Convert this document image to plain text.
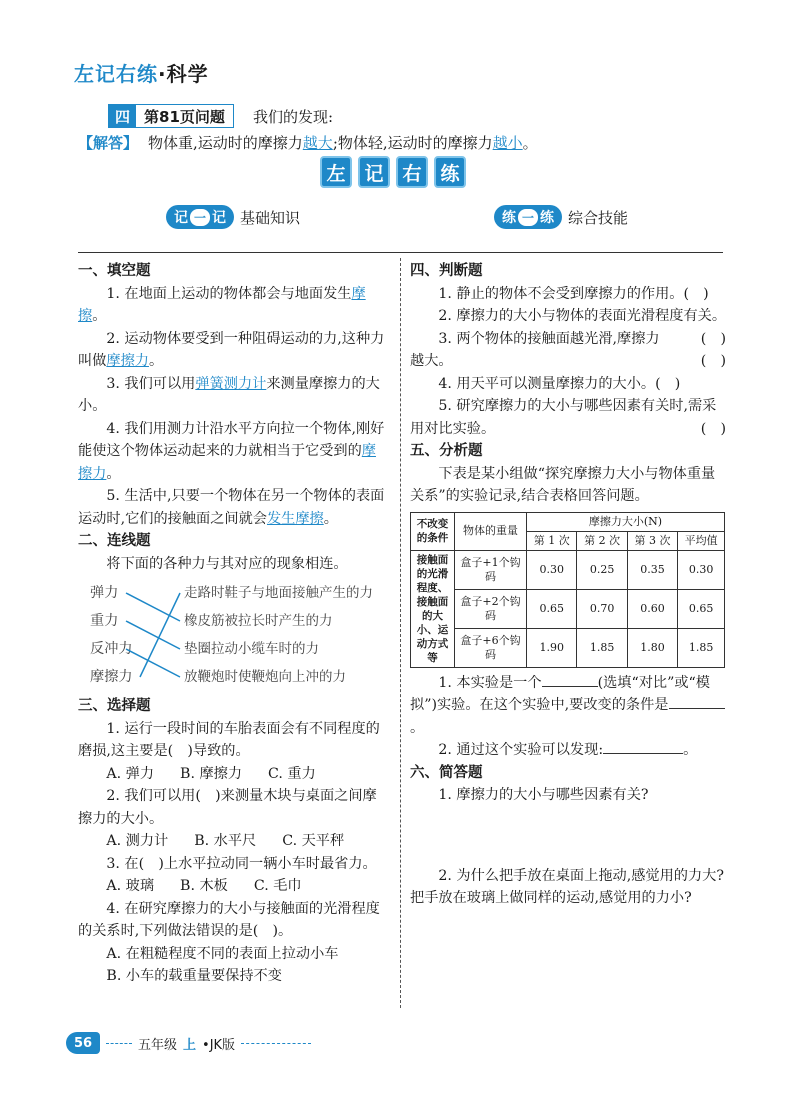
左记右练·科学
四 第81页问题	我们的发现:
【解答】 物体重,运动时的摩擦力越大;物体轻,运动时的摩擦力越小。
左 记 右 练
记 一 记 基础知识	练 一 练 综合技能
一、填空题
1. 在地面上运动的物体都会与地面发生摩擦。
2. 运动物体要受到一种阻碍运动的力,这种力叫做摩擦力。
3. 我们可以用弹簧测力计来测量摩擦力的大小。
4. 我们用测力计沿水平方向拉一个物体,刚好能使这个物体运动起来的力就相当于它受到的摩擦力。
5. 生活中,只要一个物体在另一个物体的表面运动时,它们的接触面之间就会发生摩擦。
二、连线题
将下面的各种力与其对应的现象相连。
弹力
重力
反冲力
摩擦力
走路时鞋子与地面接触产生的力
橡皮筋被拉长时产生的力
垫圈拉动小缆车时的力
放鞭炮时使鞭炮向上冲的力
三、选择题
1. 运行一段时间的车胎表面会有不同程度的磨损,这主要是(　)导致的。
A. 弹力 B. 摩擦力 C. 重力
2. 我们可以用(　)来测量木块与桌面之间摩擦力的大小。
A. 测力计 B. 水平尺 C. 天平秤
3. 在(　)上水平拉动同一辆小车时最省力。
A. 玻璃 B. 木板 C. 毛巾
4. 在研究摩擦力的大小与接触面的光滑程度的关系时,下列做法错误的是(　)。
A. 在粗糙程度不同的表面上拉动小车
B. 小车的载重量要保持不变
四、判断题
1. 静止的物体不会受到摩擦力的作用。(　)
2. 摩擦力的大小与物体的表面光滑程度有关。
(　)
3. 两个物体的接触面越光滑,摩擦力越大。	(　)
4. 用天平可以测量摩擦力的大小。(　)
5. 研究摩擦力的大小与哪些因素有关时,需采用对比实验。	(　)
五、分析题
下表是某小组做“探究摩擦力大小与物体重量关系”的实验记录,结合表格回答问题。
不改变的条件	物体的重量	摩擦力大小(N)			
		第 1 次	第 2 次	第 3 次	平均值
接触面的光滑程度、接触面的大小、运动方式等	盒子+1个钩码	0.30	0.25	0.35	0.30
	盒子+2个钩码	0.65	0.70	0.60	0.65
	盒子+6个钩码	1.90	1.85	1.80	1.85
1. 本实验是一个	(选填“对比”或“模拟”)实验。在这个实验中,要改变的条件是。
2. 通过这个实验可以发现:	。
六、简答题
1. 摩擦力的大小与哪些因素有关?
2. 为什么把手放在桌面上拖动,感觉用的力大?把手放在玻璃上做同样的运动,感觉用的力小?
56	五年级 上 •JK版
